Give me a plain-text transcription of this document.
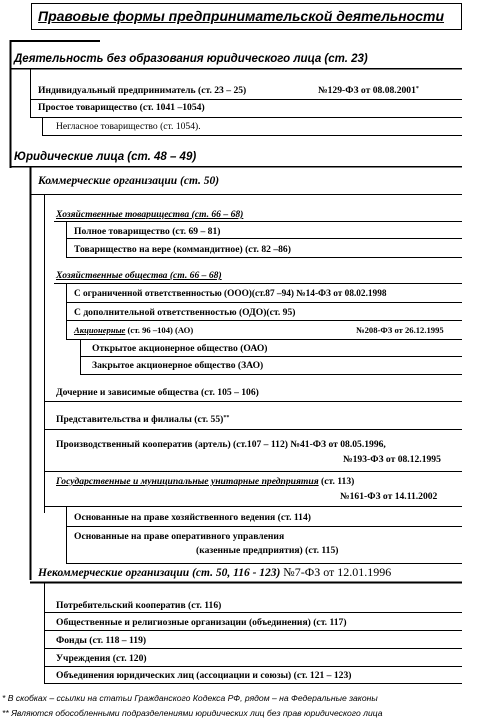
Правовые формы предпринимательской деятельности
Деятельность без образования юридического лица (ст. 23)
Индивидуальный предприниматель (ст. 23 – 25)	№129-ФЗ от 08.08.2001*
Простое товарищество (ст. 1041 –1054)
Негласное товарищество (ст. 1054).
Юридические лица (ст. 48 – 49)
Коммерческие организации (ст. 50)
Хозяйственные товарищества (ст. 66 – 68)
Полное товарищество (ст. 69 – 81)
Товарищество на вере (коммандитное) (ст. 82 –86)
Хозяйственные общества (ст. 66 – 68)
С ограниченной ответственностью (ООО)(ст.87 –94) №14-ФЗ от 08.02.1998
С дополнительной ответственностью (ОДО)(ст. 95)
Акционерные (ст. 96 –104) (АО)	№208-ФЗ от 26.12.1995
Открытое акционерное общество (ОАО)
Закрытое акционерное общество (ЗАО)
Дочерние и зависимые общества (ст. 105 – 106)
Представительства и филиалы (ст. 55)**
Производственный кооператив (артель) (ст.107 – 112) №41-ФЗ от 08.05.1996,
№193-ФЗ от 08.12.1995
Государственные и муниципальные унитарные предприятия (ст. 113)
№161-ФЗ от 14.11.2002
Основанные на праве хозяйственного ведения (ст. 114)
Основанные на праве оперативного управления
(казенные предприятия) (ст. 115)
Некоммерческие организации (ст. 50, 116 - 123) №7-ФЗ от 12.01.1996
Потребительский кооператив (ст. 116)
Общественные и религиозные организации (объединения) (ст. 117)
Фонды (ст. 118 – 119)
Учреждения (ст. 120)
Объединения юридических лиц (ассоциации и союзы) (ст. 121 – 123)
* В скобках – ссылки на статьи Гражданского Кодекса РФ, рядом – на Федеральные законы
** Являются обособленными подразделениями юридических лиц без прав юридического лица
